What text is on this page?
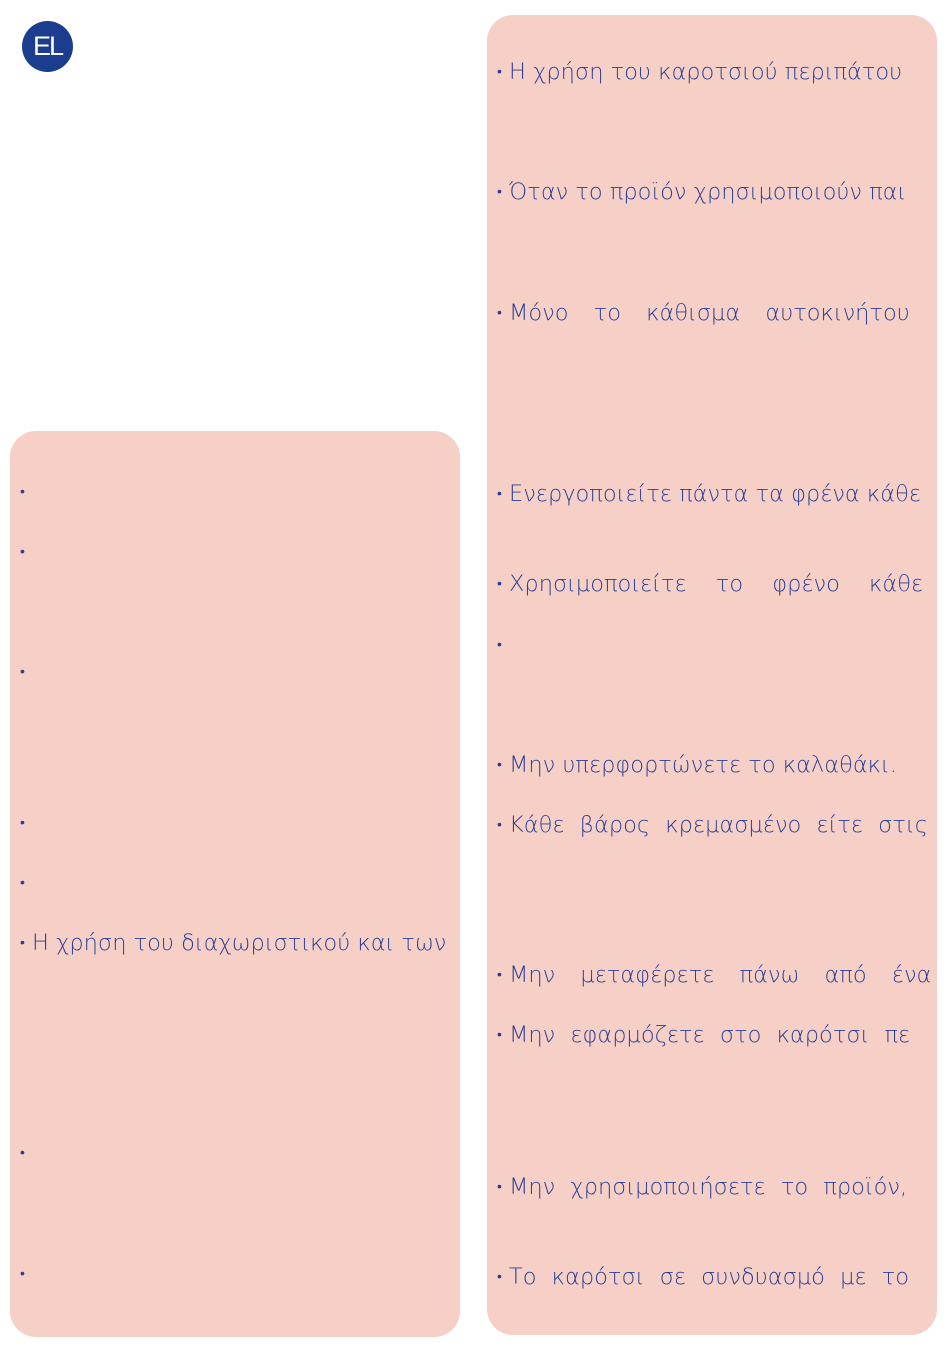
EL
•
•
•
•
•
• Η χρήση του διαχωριστικού και των
•
•
• Η χρήση του καροτσιού περιπάτου
• Όταν το προϊόν χρησιμοποιούν παι
• Μόνο το κάθισμα αυτοκινήτου
• Ενεργοποιείτε πάντα τα φρένα κάθε
• Χρησιμοποιείτε το φρένο κάθε
•
• Μην υπερφορτώνετε το καλαθάκι.
• Κάθε βάρος κρεμασμένο είτε στις
• Μην μεταφέρετε πάνω από ένα
• Μην εφαρμόζετε στο καρότσι πε
• Μην χρησιμοποιήσετε το προϊόν,
• Το καρότσι σε συνδυασμό με το
